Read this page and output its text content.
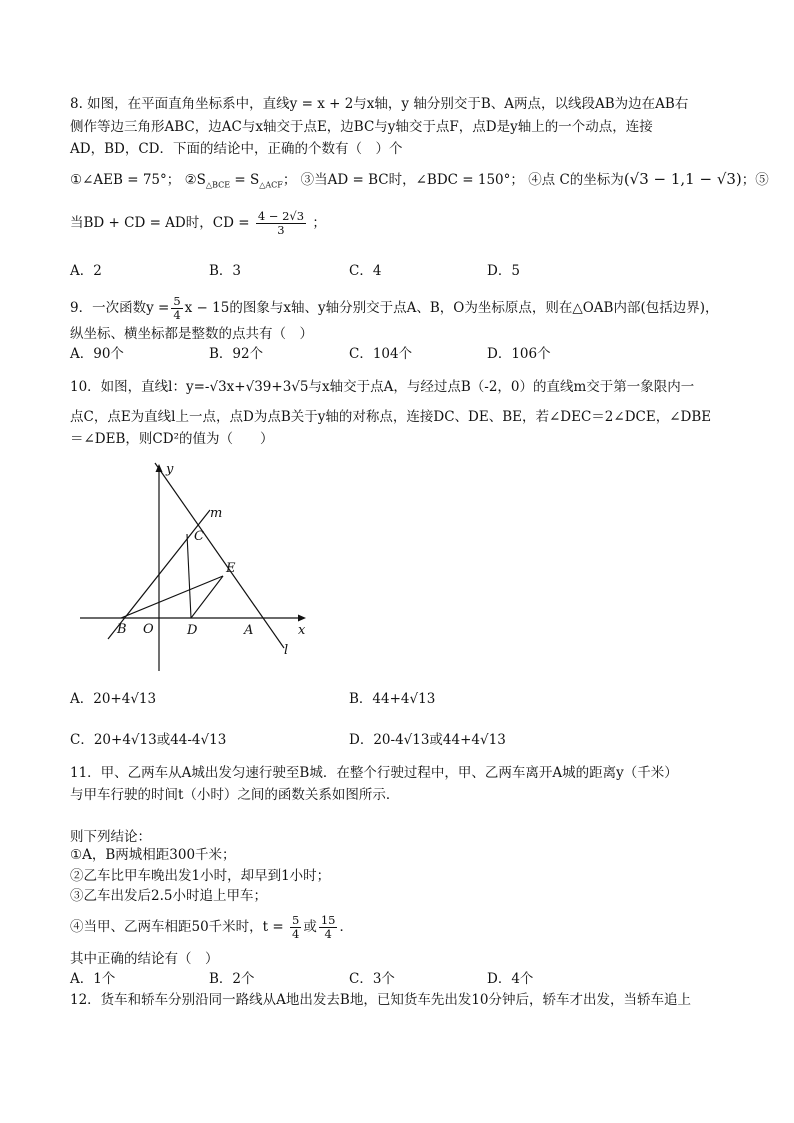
8. 如图，在平面直角坐标系中，直线y = x + 2与x轴，y 轴分别交于B、A两点，以线段AB为边在AB右
侧作等边三角形ABC，边AC与x轴交于点E，边BC与y轴交于点F，点D是y轴上的一个动点，连接
AD，BD，CD．下面的结论中，正确的个数有（　）个
①∠AEB = 75°； $②S_{\triangle BCE} = S_{\triangle ACF}$； ③当AD = BC时，∠BDC = 150°； ④点 C的坐标为(√3 − 1,1 − √3)；⑤
当BD + CD = AD时，CD = $\frac{4 - 2√3}{3}$ ；
A．2	B．3	C．4	D．5
9．一次函数$y = \frac{5}{4}$ x − 15的图象与x轴、y轴分别交于点A、B，O为坐标原点，则在△OAB内部(包括边界)，
纵坐标、横坐标都是整数的点共有（　）
A．90个	B．92个	C．104个	D．106个
10．如图，直线l：y=-√3x+√39+3√5与x轴交于点A，与经过点B（-2，0）的直线m交于第一象限内一
点C，点E为直线l上一点，点D为点B关于y轴的对称点，连接DC、DE、BE，若∠DEC＝2∠DCE，∠DBE
＝∠DEB，则CD²的值为（　　）
y
m
C
E
B O	D	A	x
l
A．20+4√13	B．44+4√13
C．20+4√13或44-4√13	D．20-4√13或44+4√13
11．甲、乙两车从A城出发匀速行驶至B城．在整个行驶过程中，甲、乙两车离开A城的距离y（千米）
与甲车行驶的时间t（小时）之间的函数关系如图所示．
则下列结论：
①A，B两城相距300千米；
②乙车比甲车晚出发1小时，却早到1小时；
③乙车出发后2.5小时追上甲车；
④当甲、乙两车相距50千米时，$t = \frac{5}{4}$ 或 $\frac{15}{4}$ ．
其中正确的结论有（　）
A．1个	B．2个	C．3个	D．4个
12．货车和轿车分别沿同一路线从A地出发去B地，已知货车先出发10分钟后，轿车才出发，当轿车追上
